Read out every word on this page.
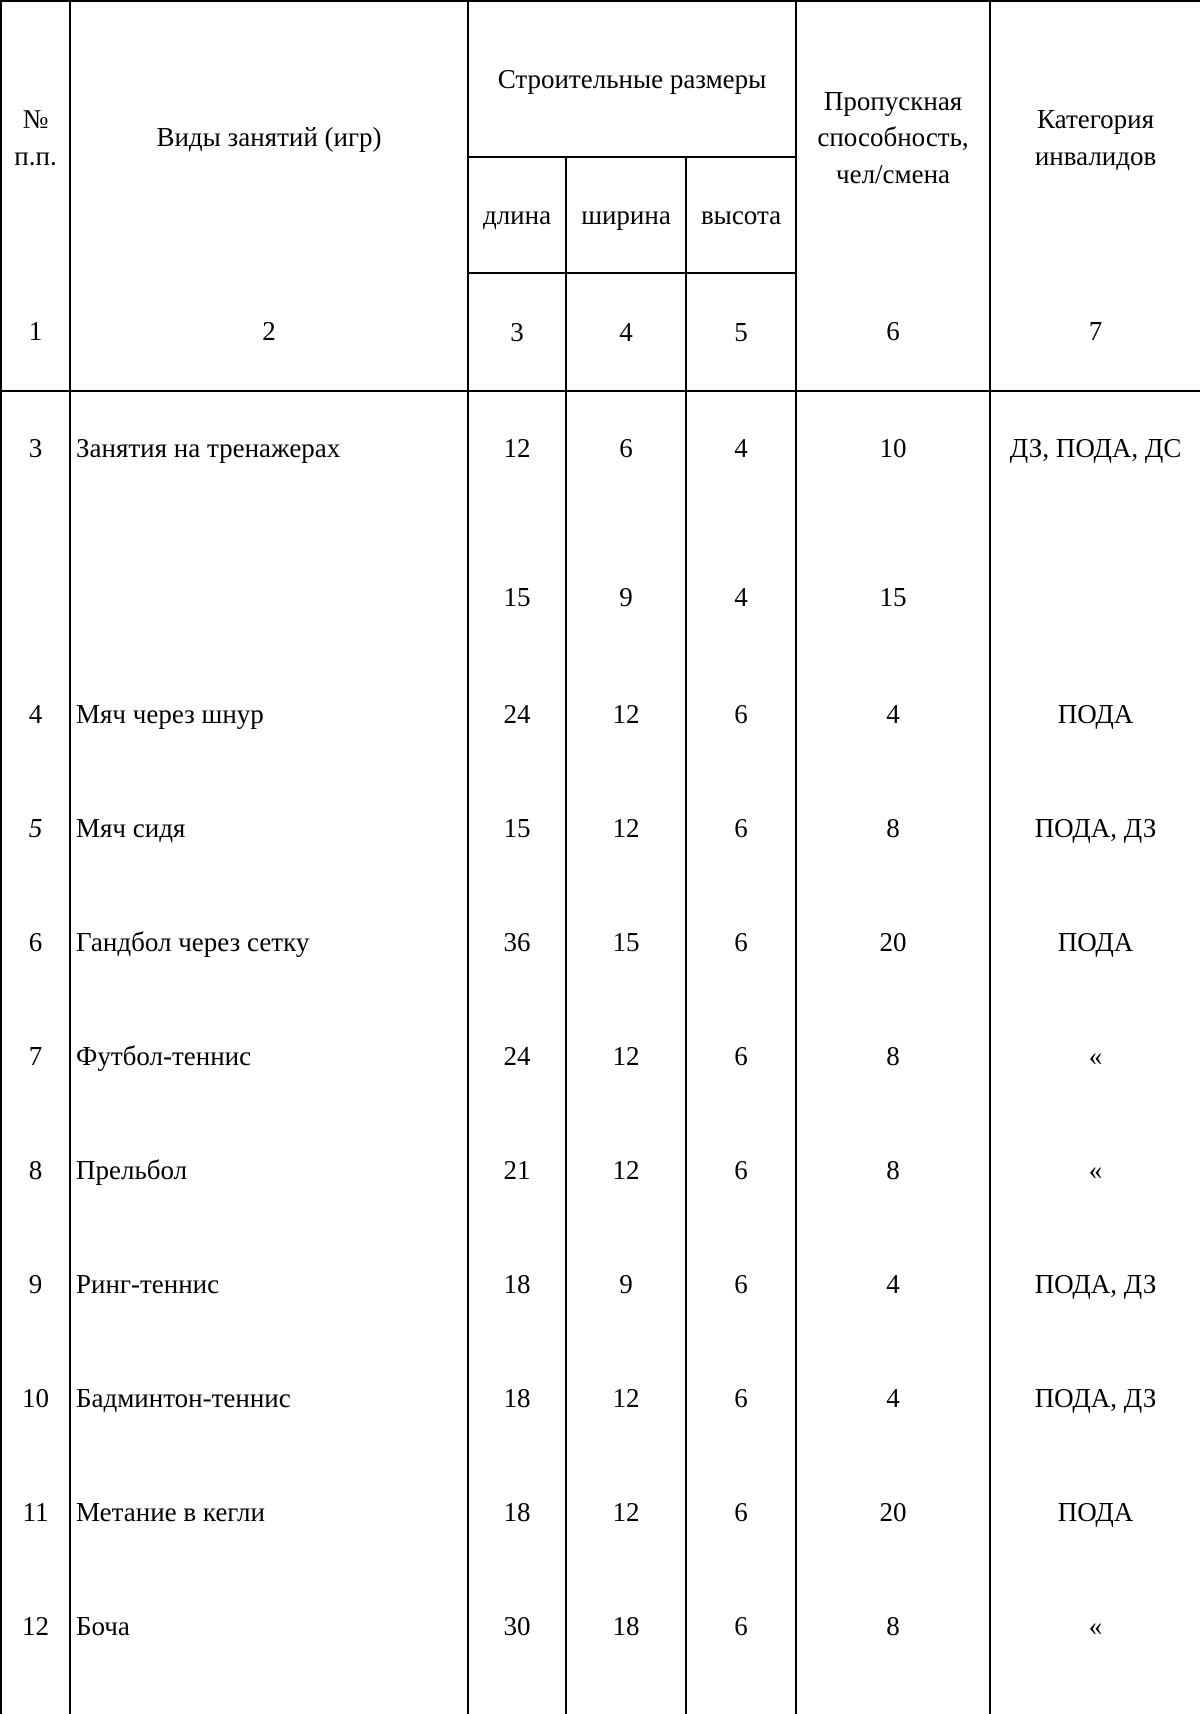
№ п.п.	Виды занятий (игр)	Строительные размеры			Пропускная способность, чел/смена	Категория инвалидов
		длина	ширина	высота		
1	2	3	4	5	6	7
3	Занятия на тренажерах	12	6	4	10	ДЗ, ПОДА, ДС
		15	9	4	15	
4	Мяч через шнур	24	12	6	4	ПОДА
5	Мяч сидя	15	12	6	8	ПОДА, ДЗ
6	Гандбол через сетку	36	15	6	20	ПОДА
7	Футбол-теннис	24	12	6	8	«
8	Прельбол	21	12	6	8	«
9	Ринг-теннис	18	9	6	4	ПОДА, ДЗ
10	Бадминтон-теннис	18	12	6	4	ПОДА, ДЗ
11	Метание в кегли	18	12	6	20	ПОДА
12	Боча	30	18	6	8	«
